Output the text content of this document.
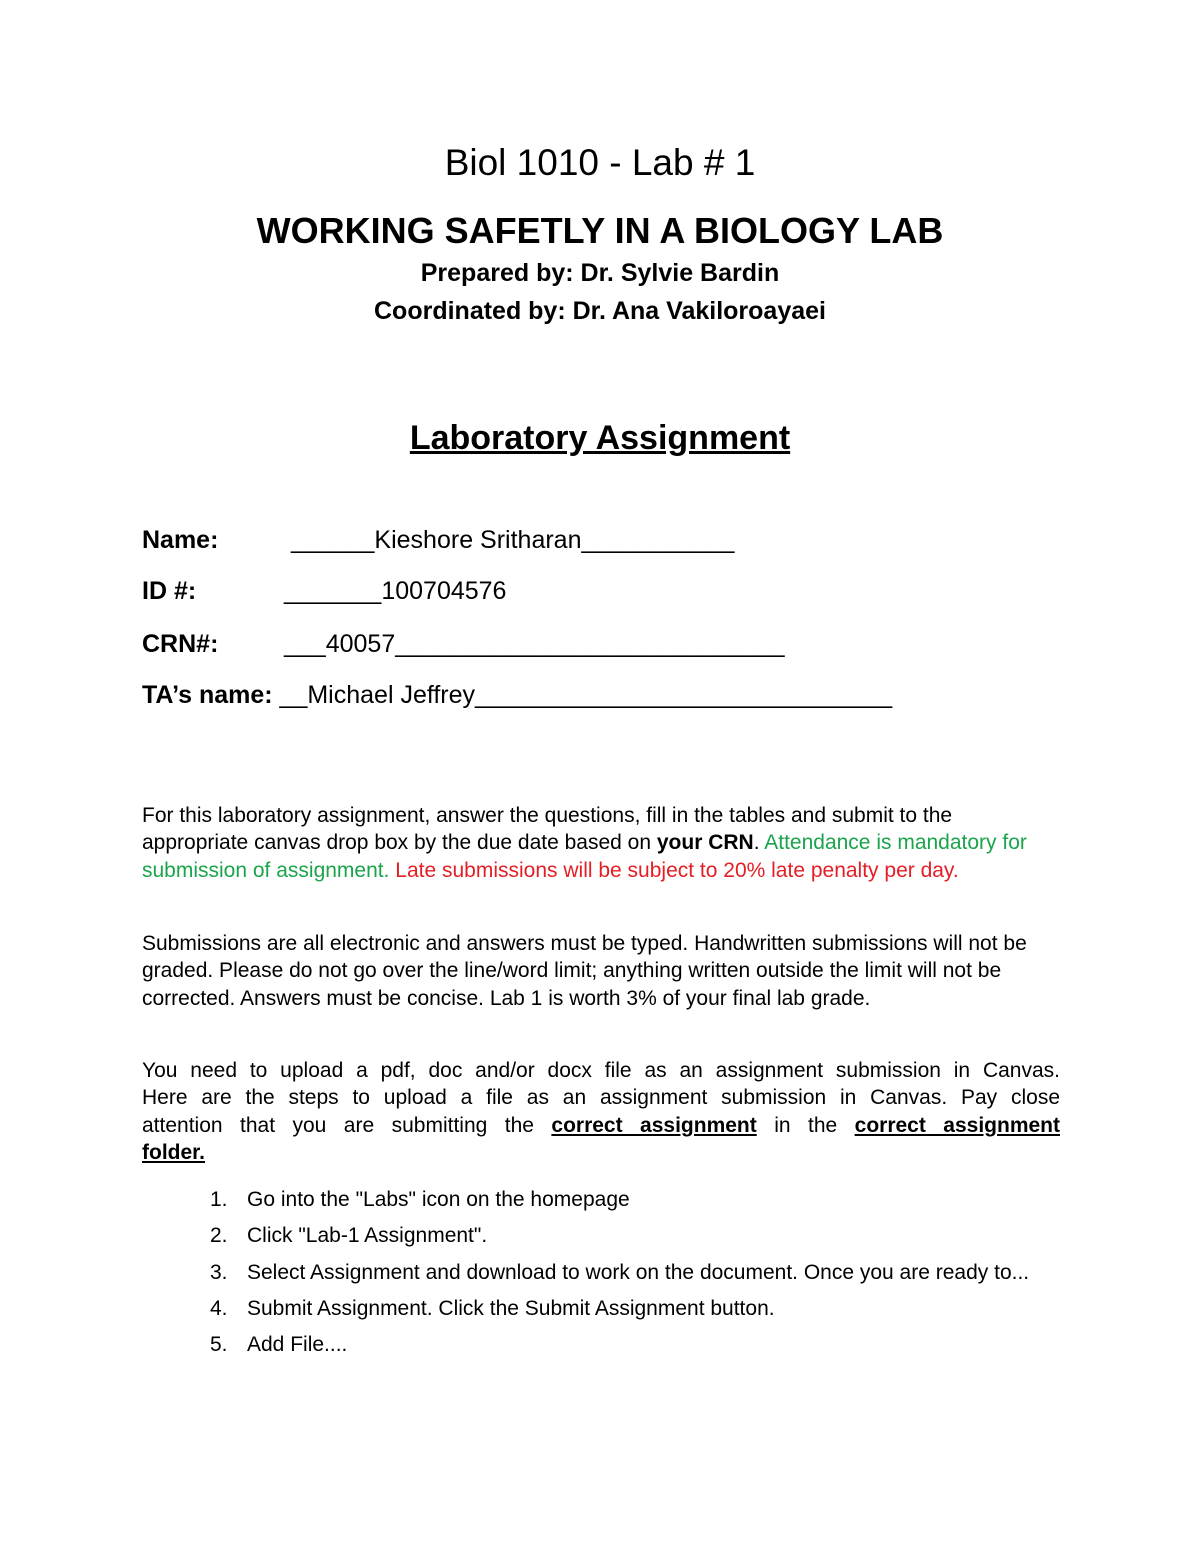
Biol 1010 - Lab # 1
WORKING SAFETLY IN A BIOLOGY LAB
Prepared by: Dr. Sylvie Bardin
Coordinated by: Dr. Ana Vakiloroayaei
Laboratory Assignment
Name:	______Kieshore Sritharan___________
ID #:	_______100704576
CRN#:	___40057____________________________
TA’s name: __Michael Jeffrey______________________________
For this laboratory assignment, answer the questions, fill in the tables and submit to the appropriate canvas drop box by the due date based on your CRN. Attendance is mandatory for submission of assignment. Late submissions will be subject to 20% late penalty per day.
Submissions are all electronic and answers must be typed. Handwritten submissions will not be graded. Please do not go over the line/word limit; anything written outside the limit will not be corrected. Answers must be concise. Lab 1 is worth 3% of your final lab grade.
You need to upload a pdf, doc and/or docx file as an assignment submission in Canvas.
Here are the steps to upload a file as an assignment submission in Canvas. Pay close
attention that you are submitting the correct assignment in the correct assignment
folder.
1. Go into the "Labs" icon on the homepage
2. Click "Lab-1 Assignment".
3. Select Assignment and download to work on the document. Once you are ready to...
4. Submit Assignment. Click the Submit Assignment button.
5. Add File....
